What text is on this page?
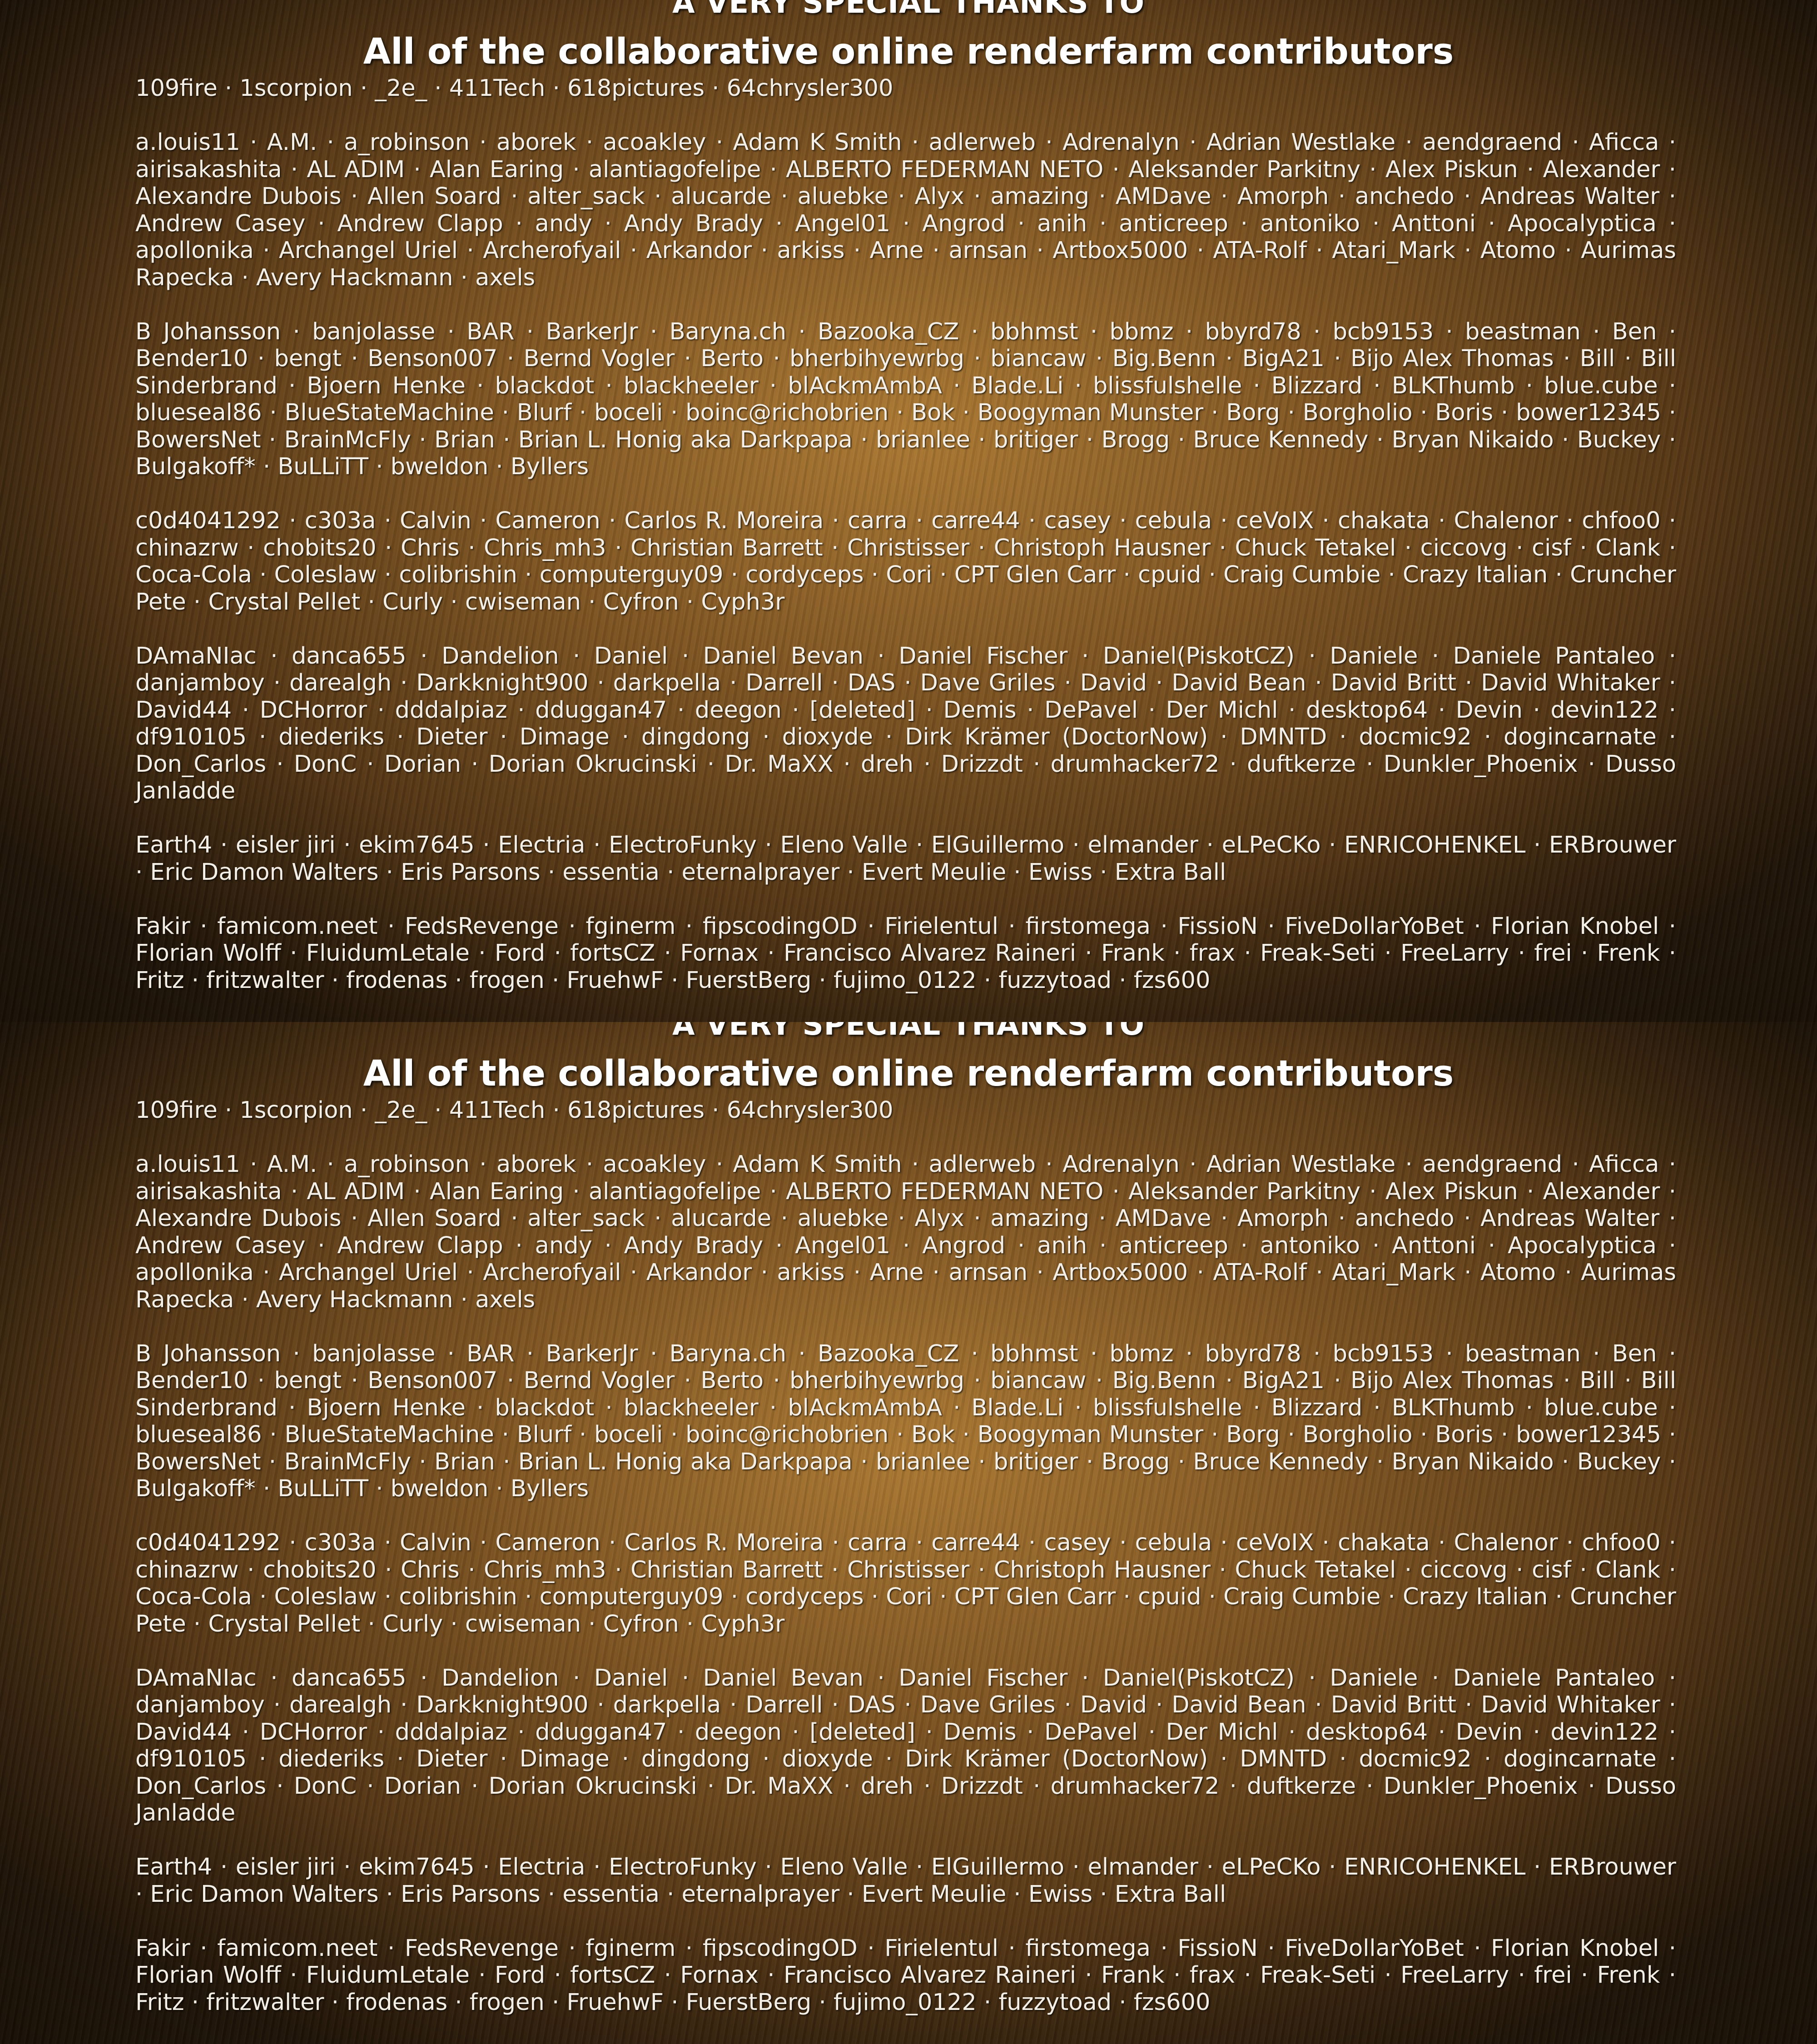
A VERY SPECIAL THANKS TO
All of the collaborative online renderfarm contributors

109fire · 1scorpion · _2e_ · 411Tech · 618pictures · 64chrysler300

a.louis11 · A.M. · a_robinson · aborek · acoakley · Adam K Smith · adlerweb · Adrenalyn · Adrian Westlake · aendgraend · Aficca · airisakashita · AL ADIM · Alan Earing · alantiagofelipe · ALBERTO FEDERMAN NETO · Aleksander Parkitny · Alex Piskun · Alexander · Alexandre Dubois · Allen Soard · alter_sack · alucarde · aluebke · Alyx · amazing · AMDave · Amorph · anchedo · Andreas Walter · Andrew Casey · Andrew Clapp · andy · Andy Brady · Angel01 · Angrod · anih · anticreep · antoniko · Anttoni · Apocalyptica · apollonika · Archangel Uriel · Archerofyail · Arkandor · arkiss · Arne · arnsan · Artbox5000 · ATA-Rolf · Atari_Mark · Atomo · Aurimas Rapecka · Avery Hackmann · axels

B Johansson · banjolasse · BAR · BarkerJr · Baryna.ch · Bazooka_CZ · bbhmst · bbmz · bbyrd78 · bcb9153 · beastman · Ben · Bender10 · bengt · Benson007 · Bernd Vogler · Berto · bherbihyewrbg · biancaw · Big.Benn · BigA21 · Bijo Alex Thomas · Bill · Bill Sinderbrand · Bjoern Henke · blackdot · blackheeler · blAckmAmbA · Blade.Li · blissfulshelle · Blizzard · BLKThumb · blue.cube · blueseal86 · BlueStateMachine · Blurf · boceli · boinc@richobrien · Bok · Boogyman Munster · Borg · Borgholio · Boris · bower12345 · BowersNet · BrainMcFly · Brian · Brian L. Honig aka Darkpapa · brianlee · britiger · Brogg · Bruce Kennedy · Bryan Nikaido · Buckey · Bulgakoff* · BuLLiTT · bweldon · Byllers

c0d4041292 · c303a · Calvin · Cameron · Carlos R. Moreira · carra · carre44 · casey · cebula · ceVoIX · chakata · Chalenor · chfoo0 · chinazrw · chobits20 · Chris · Chris_mh3 · Christian Barrett · Christisser · Christoph Hausner · Chuck Tetakel · ciccovg · cisf · Clank · Coca-Cola · Coleslaw · colibrishin · computerguy09 · cordyceps · Cori · CPT Glen Carr · cpuid · Craig Cumbie · Crazy Italian · Cruncher Pete · Crystal Pellet · Curly · cwiseman · Cyfron · Cyph3r

DAmaNIac · danca655 · Dandelion · Daniel · Daniel Bevan · Daniel Fischer · Daniel(PiskotCZ) · Daniele · Daniele Pantaleo · danjamboy · darealgh · Darkknight900 · darkpella · Darrell · DAS · Dave Griles · David · David Bean · David Britt · David Whitaker · David44 · DCHorror · dddalpiaz · dduggan47 · deegon · [deleted] · Demis · DePavel · Der Michl · desktop64 · Devin · devin122 · df910105 · diederiks · Dieter · Dimage · dingdong · dioxyde · Dirk Krämer (DoctorNow) · DMNTD · docmic92 · dogincarnate · Don_Carlos · DonC · Dorian · Dorian Okrucinski · Dr. MaXX · dreh · Drizzdt · drumhacker72 · duftkerze · Dunkler_Phoenix · Dusso Janladde

Earth4 · eisler jiri · ekim7645 · Electria · ElectroFunky · Eleno Valle · ElGuillermo · elmander · eLPeCKo · ENRICOHENKEL · ERBrouwer · Eric Damon Walters · Eris Parsons · essentia · eternalprayer · Evert Meulie · Ewiss · Extra Ball

Fakir · famicom.neet · FedsRevenge · fginerm · fipscodingOD · Firielentul · firstomega · FissioN · FiveDollarYoBet · Florian Knobel · Florian Wolff · FluidumLetale · Ford · fortsCZ · Fornax · Francisco Alvarez Raineri · Frank · frax · Freak-Seti · FreeLarry · frei · Frenk · Fritz · fritzwalter · frodenas · frogen · FruehwF · FuerstBerg · fujimo_0122 · fuzzytoad · fzs600

A VERY SPECIAL THANKS TO
All of the collaborative online renderfarm contributors

109fire · 1scorpion · _2e_ · 411Tech · 618pictures · 64chrysler300

a.louis11 · A.M. · a_robinson · aborek · acoakley · Adam K Smith · adlerweb · Adrenalyn · Adrian Westlake · aendgraend · Aficca · airisakashita · AL ADIM · Alan Earing · alantiagofelipe · ALBERTO FEDERMAN NETO · Aleksander Parkitny · Alex Piskun · Alexander · Alexandre Dubois · Allen Soard · alter_sack · alucarde · aluebke · Alyx · amazing · AMDave · Amorph · anchedo · Andreas Walter · Andrew Casey · Andrew Clapp · andy · Andy Brady · Angel01 · Angrod · anih · anticreep · antoniko · Anttoni · Apocalyptica · apollonika · Archangel Uriel · Archerofyail · Arkandor · arkiss · Arne · arnsan · Artbox5000 · ATA-Rolf · Atari_Mark · Atomo · Aurimas Rapecka · Avery Hackmann · axels

B Johansson · banjolasse · BAR · BarkerJr · Baryna.ch · Bazooka_CZ · bbhmst · bbmz · bbyrd78 · bcb9153 · beastman · Ben · Bender10 · bengt · Benson007 · Bernd Vogler · Berto · bherbihyewrbg · biancaw · Big.Benn · BigA21 · Bijo Alex Thomas · Bill · Bill Sinderbrand · Bjoern Henke · blackdot · blackheeler · blAckmAmbA · Blade.Li · blissfulshelle · Blizzard · BLKThumb · blue.cube · blueseal86 · BlueStateMachine · Blurf · boceli · boinc@richobrien · Bok · Boogyman Munster · Borg · Borgholio · Boris · bower12345 · BowersNet · BrainMcFly · Brian · Brian L. Honig aka Darkpapa · brianlee · britiger · Brogg · Bruce Kennedy · Bryan Nikaido · Buckey · Bulgakoff* · BuLLiTT · bweldon · Byllers

c0d4041292 · c303a · Calvin · Cameron · Carlos R. Moreira · carra · carre44 · casey · cebula · ceVoIX · chakata · Chalenor · chfoo0 · chinazrw · chobits20 · Chris · Chris_mh3 · Christian Barrett · Christisser · Christoph Hausner · Chuck Tetakel · ciccovg · cisf · Clank · Coca-Cola · Coleslaw · colibrishin · computerguy09 · cordyceps · Cori · CPT Glen Carr · cpuid · Craig Cumbie · Crazy Italian · Cruncher Pete · Crystal Pellet · Curly · cwiseman · Cyfron · Cyph3r

DAmaNIac · danca655 · Dandelion · Daniel · Daniel Bevan · Daniel Fischer · Daniel(PiskotCZ) · Daniele · Daniele Pantaleo · danjamboy · darealgh · Darkknight900 · darkpella · Darrell · DAS · Dave Griles · David · David Bean · David Britt · David Whitaker · David44 · DCHorror · dddalpiaz · dduggan47 · deegon · [deleted] · Demis · DePavel · Der Michl · desktop64 · Devin · devin122 · df910105 · diederiks · Dieter · Dimage · dingdong · dioxyde · Dirk Krämer (DoctorNow) · DMNTD · docmic92 · dogincarnate · Don_Carlos · DonC · Dorian · Dorian Okrucinski · Dr. MaXX · dreh · Drizzdt · drumhacker72 · duftkerze · Dunkler_Phoenix · Dusso Janladde

Earth4 · eisler jiri · ekim7645 · Electria · ElectroFunky · Eleno Valle · ElGuillermo · elmander · eLPeCKo · ENRICOHENKEL · ERBrouwer · Eric Damon Walters · Eris Parsons · essentia · eternalprayer · Evert Meulie · Ewiss · Extra Ball

Fakir · famicom.neet · FedsRevenge · fginerm · fipscodingOD · Firielentul · firstomega · FissioN · FiveDollarYoBet · Florian Knobel · Florian Wolff · FluidumLetale · Ford · fortsCZ · Fornax · Francisco Alvarez Raineri · Frank · frax · Freak-Seti · FreeLarry · frei · Frenk · Fritz · fritzwalter · frodenas · frogen · FruehwF · FuerstBerg · fujimo_0122 · fuzzytoad · fzs600
